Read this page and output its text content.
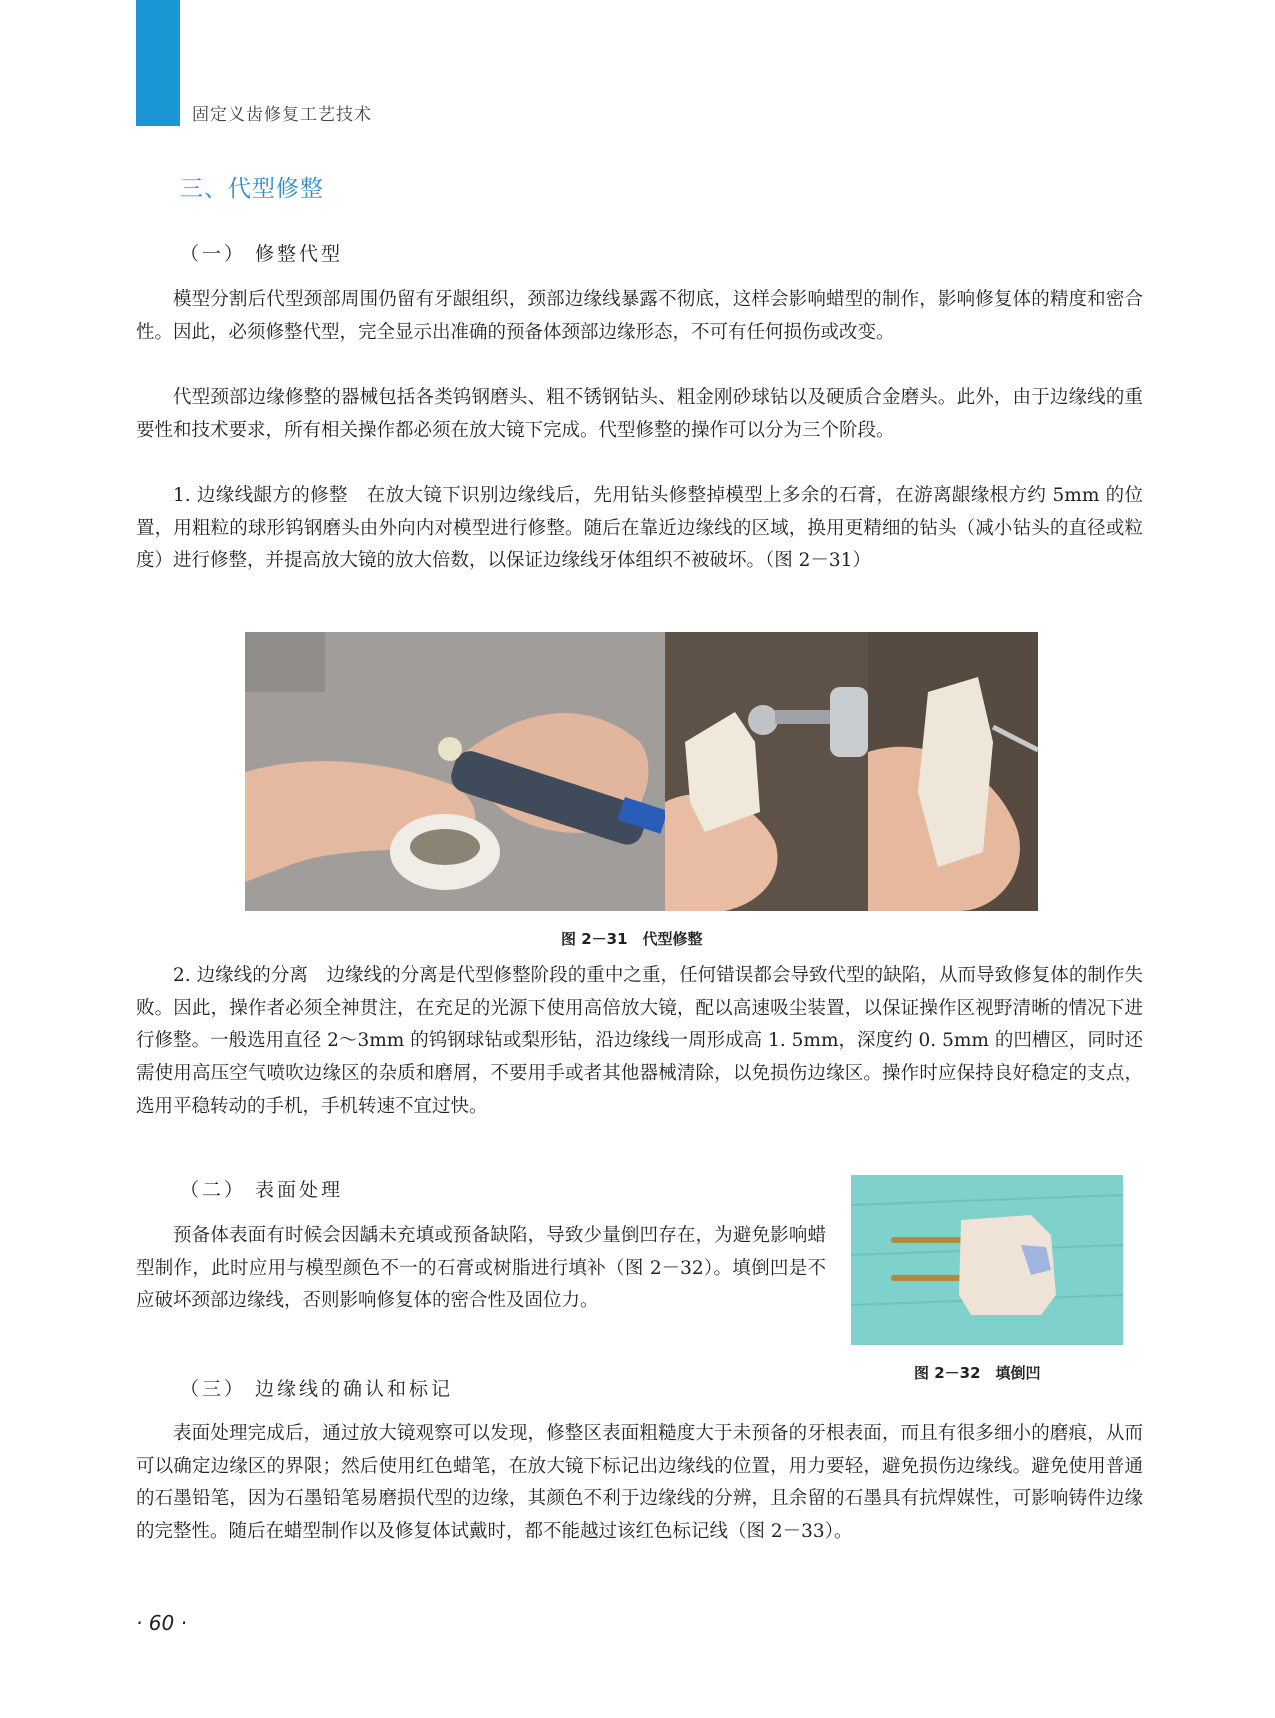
固定义齿修复工艺技术
三、代型修整
（一） 修整代型

模型分割后代型颈部周围仍留有牙龈组织，颈部边缘线暴露不彻底，这样会影响蜡型的制作，影响修复体的精度和密合性。因此，必须修整代型，完全显示出准确的预备体颈部边缘形态，不可有任何损伤或改变。

代型颈部边缘修整的器械包括各类钨钢磨头、粗不锈钢钻头、粗金刚砂球钻以及硬质合金磨头。此外，由于边缘线的重要性和技术要求，所有相关操作都必须在放大镜下完成。代型修整的操作可以分为三个阶段。

1. 边缘线龈方的修整　在放大镜下识别边缘线后，先用钻头修整掉模型上多余的石膏，在游离龈缘根方约 5mm 的位置，用粗粒的球形钨钢磨头由外向内对模型进行修整。随后在靠近边缘线的区域，换用更精细的钻头（减小钻头的直径或粒度）进行修整，并提高放大镜的放大倍数，以保证边缘线牙体组织不被破坏。（图 2－31）

图 2－31　代型修整

2. 边缘线的分离　边缘线的分离是代型修整阶段的重中之重，任何错误都会导致代型的缺陷，从而导致修复体的制作失败。因此，操作者必须全神贯注，在充足的光源下使用高倍放大镜，配以高速吸尘装置，以保证操作区视野清晰的情况下进行修整。一般选用直径 2～3mm 的钨钢球钻或梨形钻，沿边缘线一周形成高 1. 5mm，深度约 0. 5mm 的凹槽区，同时还需使用高压空气喷吹边缘区的杂质和磨屑，不要用手或者其他器械清除，以免损伤边缘区。操作时应保持良好稳定的支点，选用平稳转动的手机，手机转速不宜过快。

（二） 表面处理

预备体表面有时候会因龋未充填或预备缺陷，导致少量倒凹存在，为避免影响蜡型制作，此时应用与模型颜色不一的石膏或树脂进行填补（图 2－32）。填倒凹是不应破坏颈部边缘线，否则影响修复体的密合性及固位力。

图 2－32　填倒凹
（三） 边缘线的确认和标记

表面处理完成后，通过放大镜观察可以发现，修整区表面粗糙度大于未预备的牙根表面，而且有很多细小的磨痕，从而可以确定边缘区的界限；然后使用红色蜡笔，在放大镜下标记出边缘线的位置，用力要轻，避免损伤边缘线。避免使用普通的石墨铅笔，因为石墨铅笔易磨损代型的边缘，其颜色不利于边缘线的分辨，且余留的石墨具有抗焊媒性，可影响铸件边缘的完整性。随后在蜡型制作以及修复体试戴时，都不能越过该红色标记线（图 2－33）。

· 60 ·
